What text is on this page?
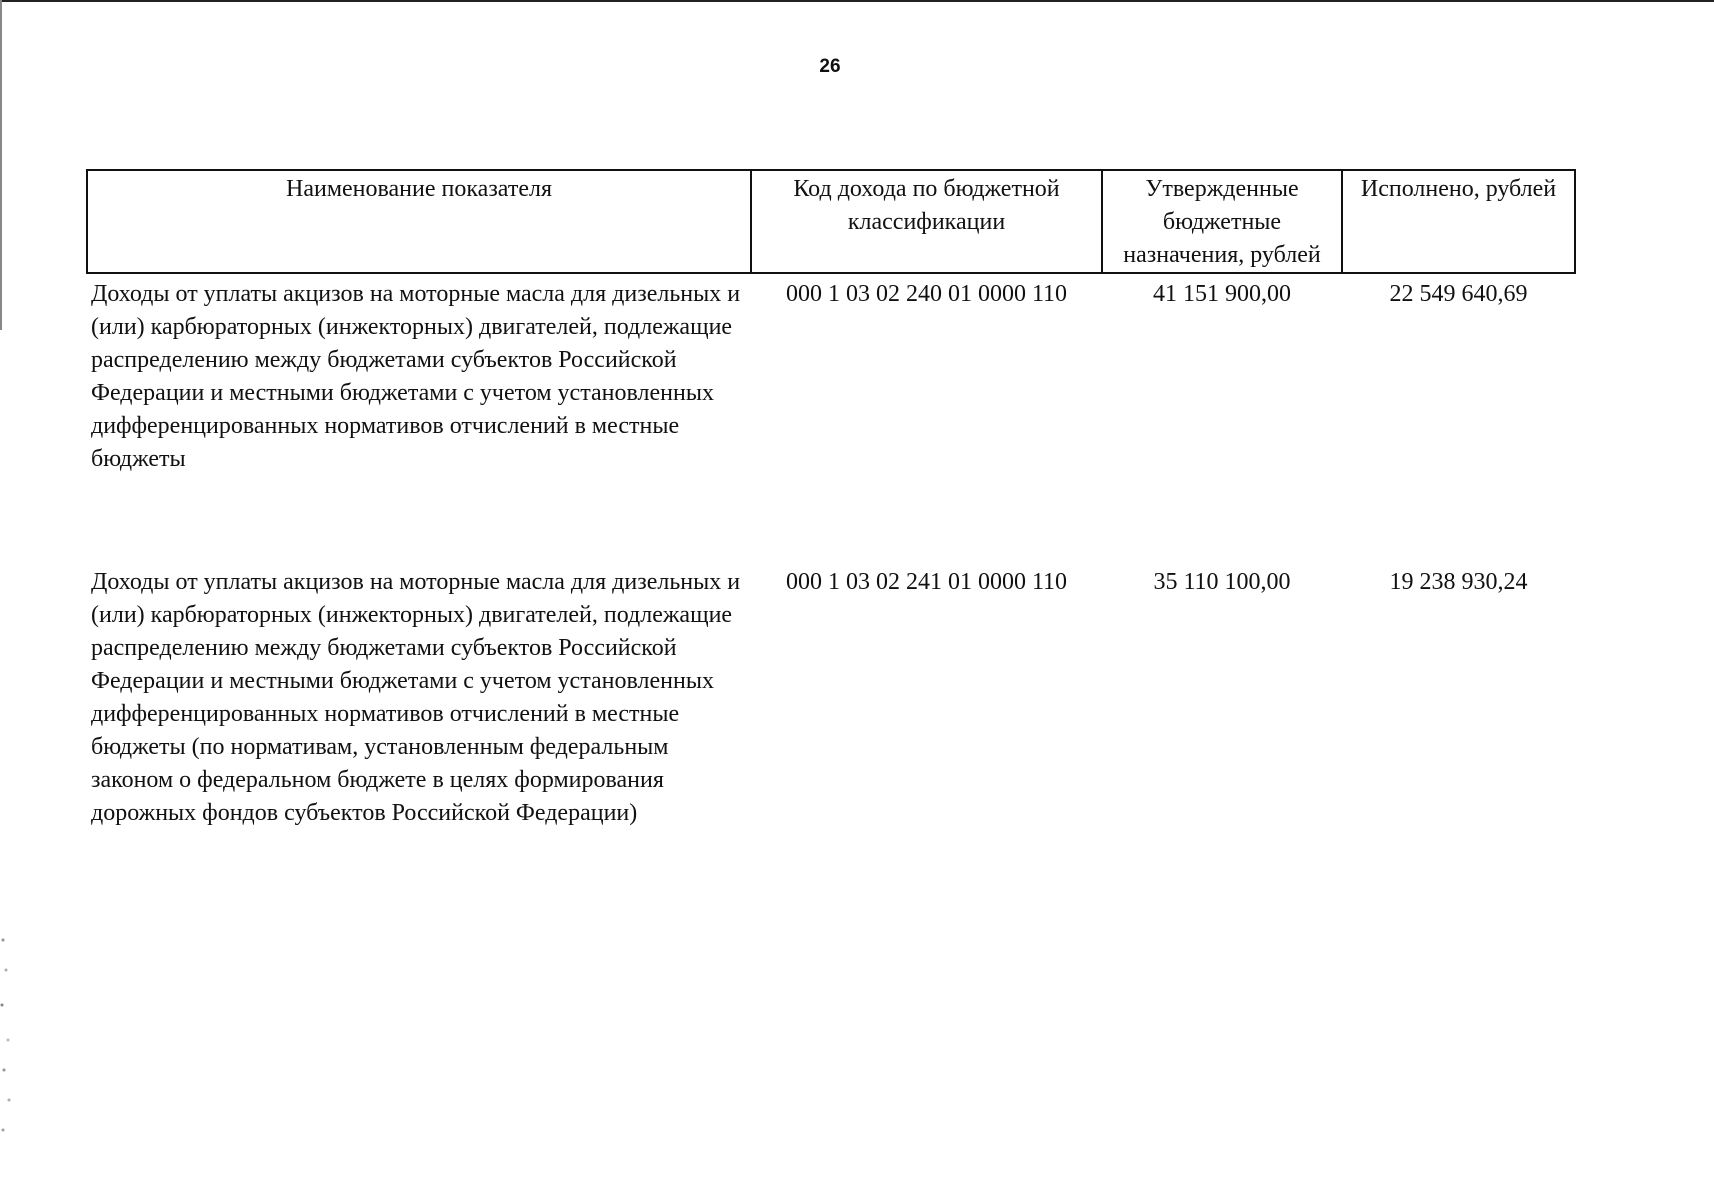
26
Наименование показателя	Код дохода по бюджетной классификации	Утвержденные бюджетные назначения, рублей	Исполнено, рублей
Доходы от уплаты акцизов на моторные масла для дизельных и (или) карбюраторных (инжекторных) двигателей, подлежащие распределению между бюджетами субъектов Российской Федерации и местными бюджетами с учетом установленных дифференцированных нормативов отчислений в местные бюджеты	000 1 03 02 240 01 0000 110	41 151 900,00	22 549 640,69
Доходы от уплаты акцизов на моторные масла для дизельных и (или) карбюраторных (инжекторных) двигателей, подлежащие распределению между бюджетами субъектов Российской Федерации и местными бюджетами с учетом установленных дифференцированных нормативов отчислений в местные бюджеты (по нормативам, установленным федеральным законом о федеральном бюджете в целях формирования дорожных фондов субъектов Российской Федерации)	000 1 03 02 241 01 0000 110	35 110 100,00	19 238 930,24
